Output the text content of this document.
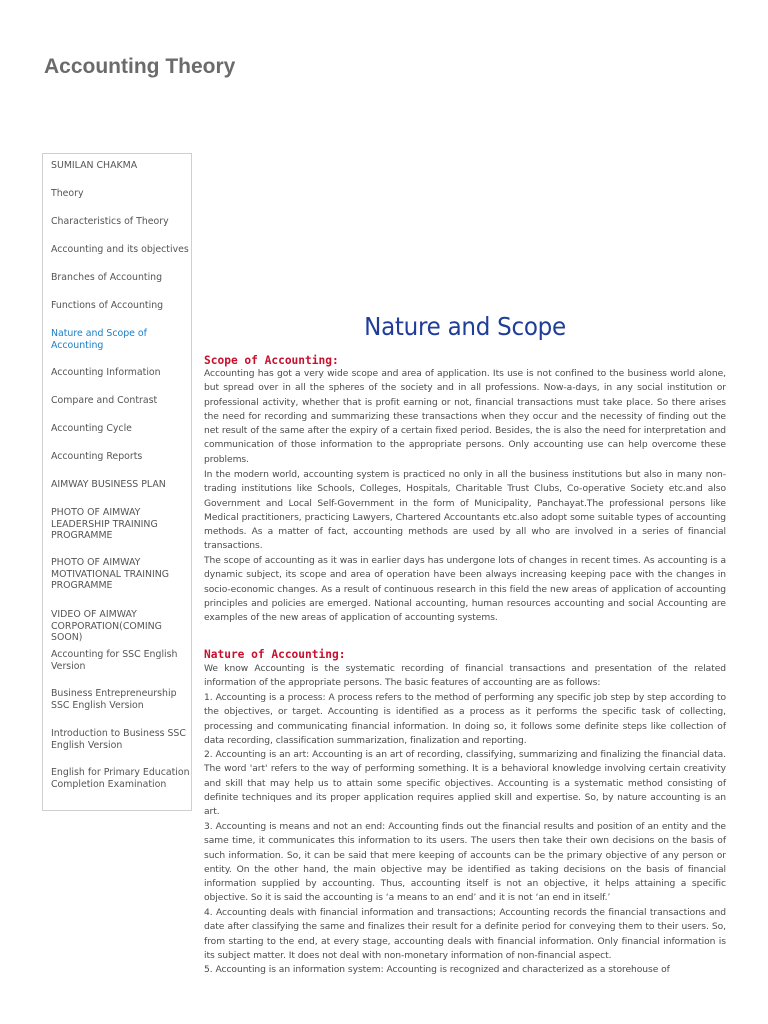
Accounting Theory
SUMILAN CHAKMA
Theory
Characteristics of Theory
Accounting and its objectives
Branches of Accounting
Functions of Accounting
Nature and Scope of Accounting
Accounting Information
Compare and Contrast
Accounting Cycle
Accounting Reports
AIMWAY BUSINESS PLAN
PHOTO OF AIMWAY LEADERSHIP TRAINING PROGRAMME
PHOTO OF AIMWAY MOTIVATIONAL TRAINING PROGRAMME
VIDEO OF AIMWAY CORPORATION(COMING SOON)
Accounting for SSC English Version
Business Entrepreneurship SSC English Version
Introduction to Business SSC English Version
English for Primary Education Completion Examination
Nature and Scope
Scope of Accounting:

Accounting has got a very wide scope and area of application. Its use is not confined to the business world alone, but spread over in all the spheres of the society and in all professions. Now-a-days, in any social institution or professional activity, whether that is profit earning or not, financial transactions must take place. So there arises the need for recording and summarizing these transactions when they occur and the necessity of finding out the net result of the same after the expiry of a certain fixed period. Besides, the is also the need for interpretation and communication of those information to the appropriate persons. Only accounting use can help overcome these problems.

In the modern world, accounting system is practiced no only in all the business institutions but also in many non-trading institutions like Schools, Colleges, Hospitals, Charitable Trust Clubs, Co-operative Society etc.and also Government and Local Self-Government in the form of Municipality, Panchayat.The professional persons like Medical practitioners, practicing Lawyers, Chartered Accountants etc.also adopt some suitable types of accounting methods. As a matter of fact, accounting methods are used by all who are involved in a series of financial transactions.

The scope of accounting as it was in earlier days has undergone lots of changes in recent times. As accounting is a dynamic subject, its scope and area of operation have been always increasing keeping pace with the changes in socio-economic changes. As a result of continuous research in this field the new areas of application of accounting principles and policies are emerged. National accounting, human resources accounting and social Accounting are examples of the new areas of application of accounting systems.

Nature of Accounting:

We know Accounting is the systematic recording of financial transactions and presentation of the related information of the appropriate persons. The basic features of accounting are as follows:

1. Accounting is a process: A process refers to the method of performing any specific job step by step according to the objectives, or target. Accounting is identified as a process as it performs the specific task of collecting, processing and communicating financial information. In doing so, it follows some definite steps like collection of data recording, classification summarization, finalization and reporting.

2. Accounting is an art: Accounting is an art of recording, classifying, summarizing and finalizing the financial data. The word 'art' refers to the way of performing something. It is a behavioral knowledge involving certain creativity and skill that may help us to attain some specific objectives. Accounting is a systematic method consisting of definite techniques and its proper application requires applied skill and expertise. So, by nature accounting is an art.

3. Accounting is means and not an end: Accounting finds out the financial results and position of an entity and the same time, it communicates this information to its users. The users then take their own decisions on the basis of such information. So, it can be said that mere keeping of accounts can be the primary objective of any person or entity. On the other hand, the main objective may be identified as taking decisions on the basis of financial information supplied by accounting. Thus, accounting itself is not an objective, it helps attaining a specific objective. So it is said the accounting is ‘a means to an end’ and it is not ‘an end in itself.’

4. Accounting deals with financial information and transactions; Accounting records the financial transactions and date after classifying the same and finalizes their result for a definite period for conveying them to their users. So, from starting to the end, at every stage, accounting deals with financial information. Only financial information is its subject matter. It does not deal with non-monetary information of non-financial aspect.

5. Accounting is an information system: Accounting is recognized and characterized as a storehouse of
